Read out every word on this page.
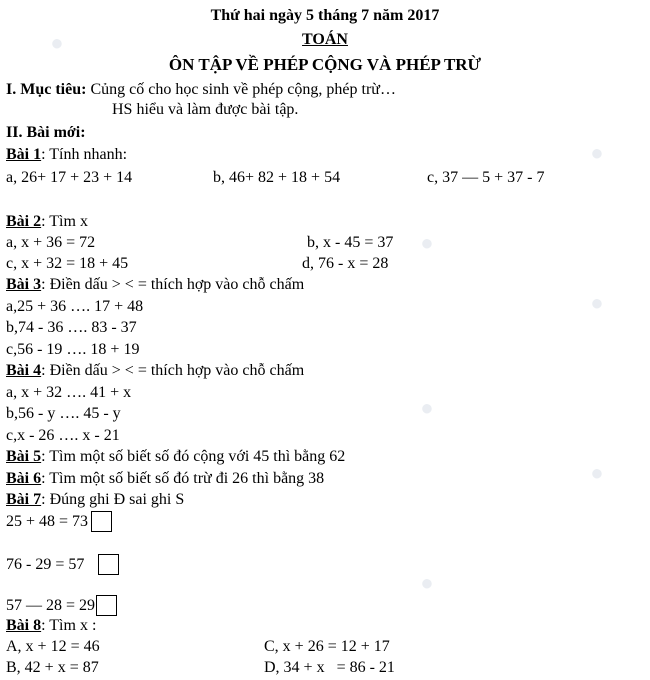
●
●
●
●
●
●
●
Thứ hai ngày 5 tháng 7 năm 2017
TOÁN
ÔN TẬP VỀ PHÉP CỘNG VÀ PHÉP TRỪ
I. Mục tiêu: Củng cố cho học sinh về phép cộng, phép trừ…
HS hiểu và làm được bài tập.
II. Bài mới:
Bài 1: Tính nhanh:
a, 26+ 17 + 23 + 14	b, 46+ 82 + 18 + 54	c, 37 — 5 + 37 - 7
Bài 2: Tìm x
a, x + 36 = 72	b, x - 45 = 37
c, x + 32 = 18 + 45	d, 76 - x = 28
Bài 3: Điền dấu > < = thích hợp vào chỗ chấm
a,25 + 36 …. 17 + 48
b,74 - 36 …. 83 - 37
c,56 - 19 …. 18 + 19
Bài 4: Điền dấu > < = thích hợp vào chỗ chấm
a, x + 32 …. 41 + x
b,56 - y …. 45 - y
c,x - 26 …. x - 21
Bài 5: Tìm một số biết số đó cộng với 45 thì bằng 62
Bài 6: Tìm một số biết số đó trừ đi 26 thì bằng 38
Bài 7: Đúng ghi Đ sai ghi S
25 + 48 = 73
76 - 29 = 57
57 — 28 = 29
Bài 8: Tìm x :
A, x + 12 = 46	C, x + 26 = 12 + 17
B, 42 + x = 87	D, 34 + x   = 86 - 21
